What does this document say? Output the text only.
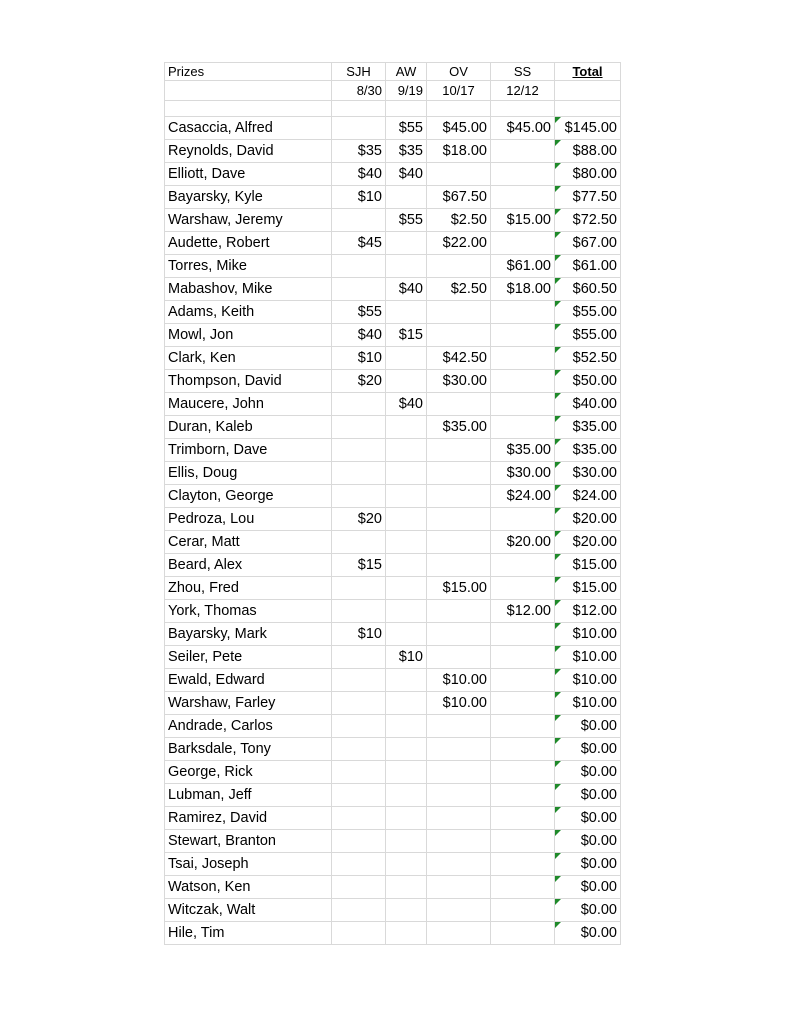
Prizes	SJH	AW	OV	SS	Total
	8/30	9/19	10/17	12/12	

Casaccia, Alfred		$55	$45.00	$45.00	$145.00
Reynolds, David	$35	$35	$18.00		$88.00
Elliott, Dave	$40	$40			$80.00
Bayarsky, Kyle	$10		$67.50		$77.50
Warshaw, Jeremy		$55	$2.50	$15.00	$72.50
Audette, Robert	$45		$22.00		$67.00
Torres, Mike				$61.00	$61.00
Mabashov, Mike		$40	$2.50	$18.00	$60.50
Adams, Keith	$55				$55.00
Mowl, Jon	$40	$15			$55.00
Clark, Ken	$10		$42.50		$52.50
Thompson, David	$20		$30.00		$50.00
Maucere, John		$40			$40.00
Duran, Kaleb			$35.00		$35.00
Trimborn, Dave				$35.00	$35.00
Ellis, Doug				$30.00	$30.00
Clayton, George				$24.00	$24.00
Pedroza, Lou	$20				$20.00
Cerar, Matt				$20.00	$20.00
Beard, Alex	$15				$15.00
Zhou, Fred			$15.00		$15.00
York, Thomas				$12.00	$12.00
Bayarsky, Mark	$10				$10.00
Seiler, Pete		$10			$10.00
Ewald, Edward			$10.00		$10.00
Warshaw, Farley			$10.00		$10.00
Andrade, Carlos					$0.00
Barksdale, Tony					$0.00
George, Rick					$0.00
Lubman, Jeff					$0.00
Ramirez, David					$0.00
Stewart, Branton					$0.00
Tsai, Joseph					$0.00
Watson, Ken					$0.00
Witczak, Walt					$0.00
Hile, Tim					$0.00
